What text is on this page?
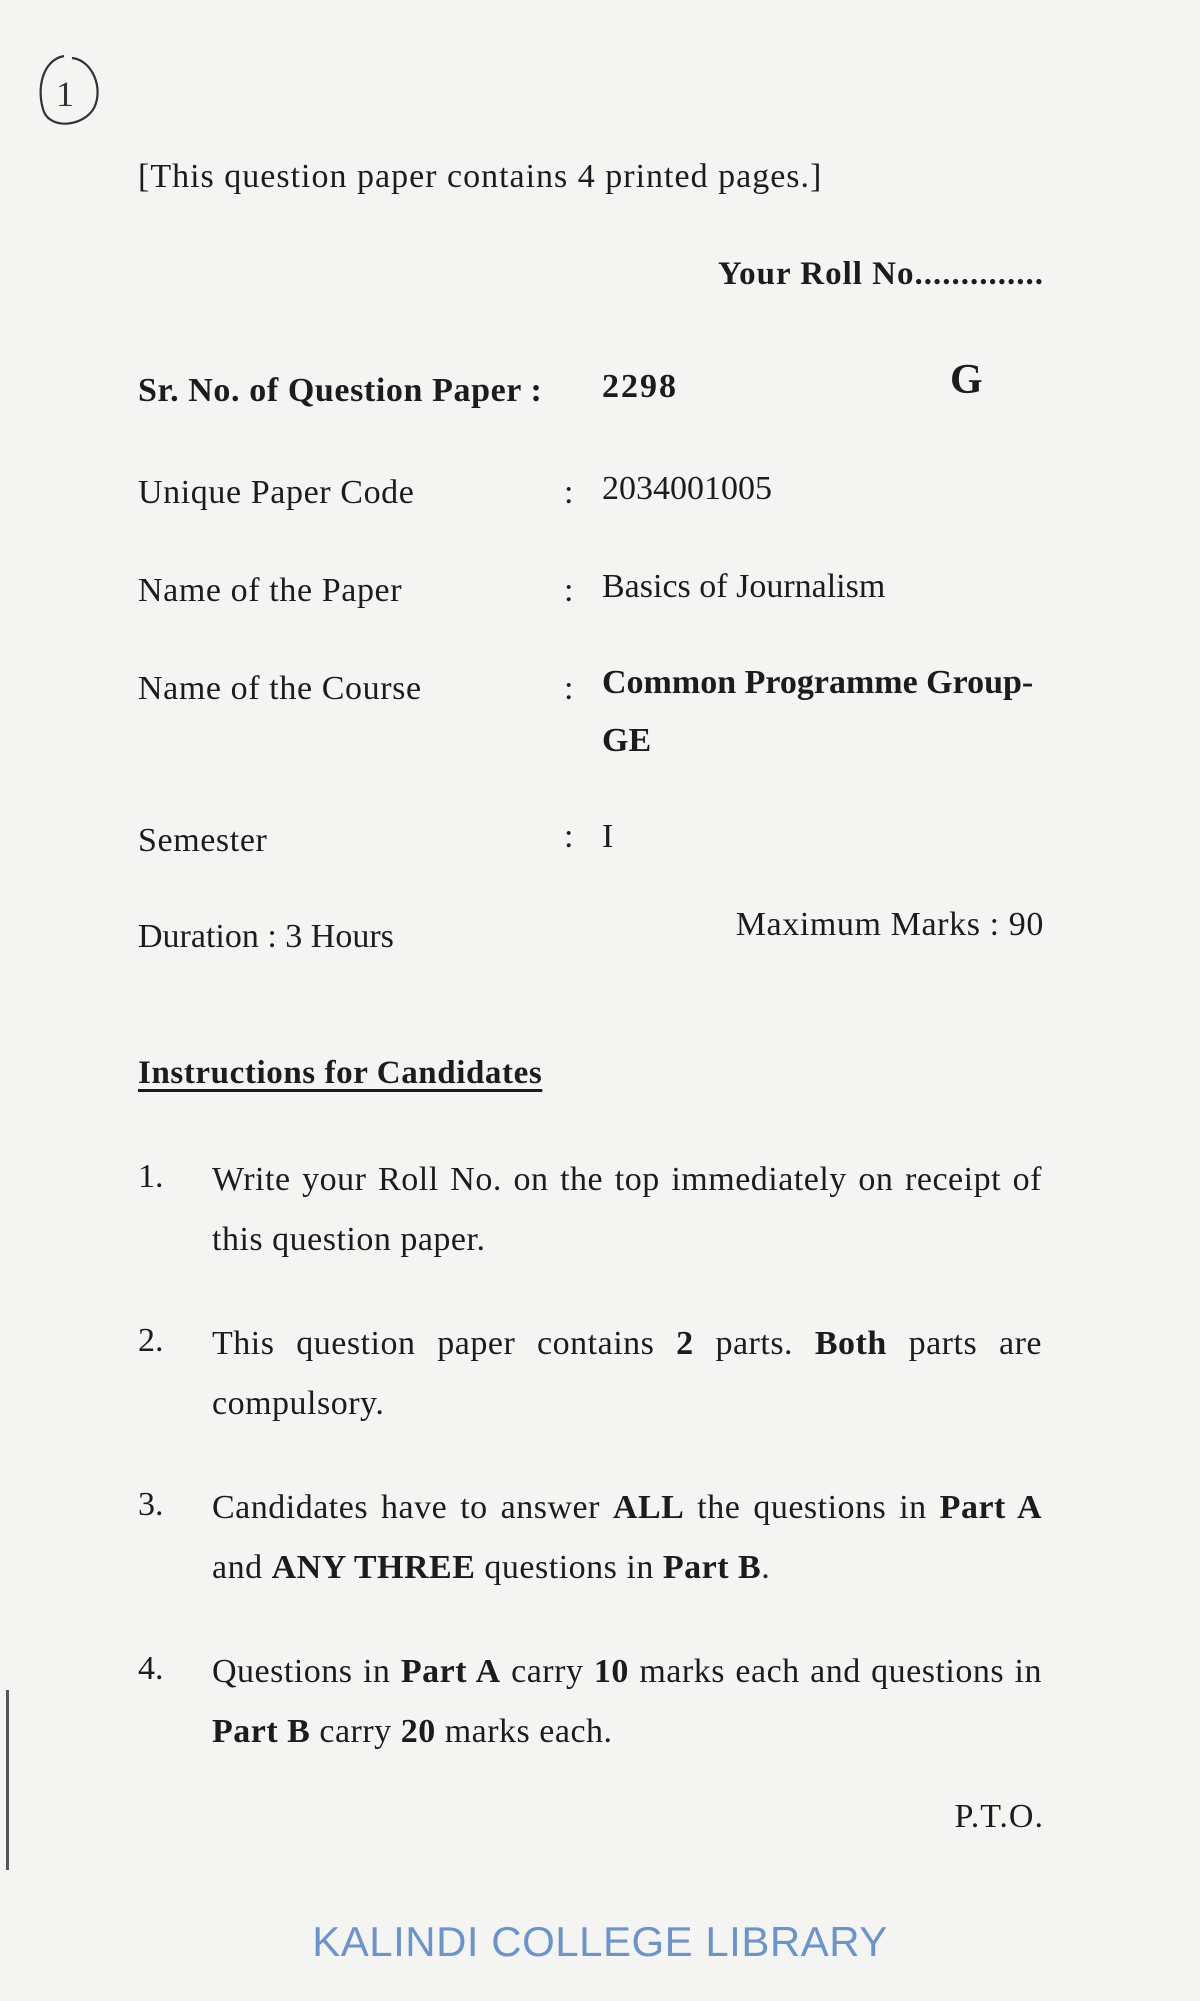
1
[This question paper contains 4 printed pages.]
Your Roll No..............
Sr. No. of Question Paper : 2298	G
Unique Paper Code	: 2034001005
Name of the Paper	: Basics of Journalism
Name of the Course	: Common Programme Group-GE
Semester	: I
Duration : 3 Hours	Maximum Marks : 90
Instructions for Candidates
1. Write your Roll No. on the top immediately on receipt of this question paper.
2. This question paper contains 2 parts. Both parts are compulsory.
3. Candidates have to answer ALL the questions in Part A and ANY THREE questions in Part B.
4. Questions in Part A carry 10 marks each and questions in Part B carry 20 marks each.
P.T.O.
KALINDI COLLEGE LIBRARY
